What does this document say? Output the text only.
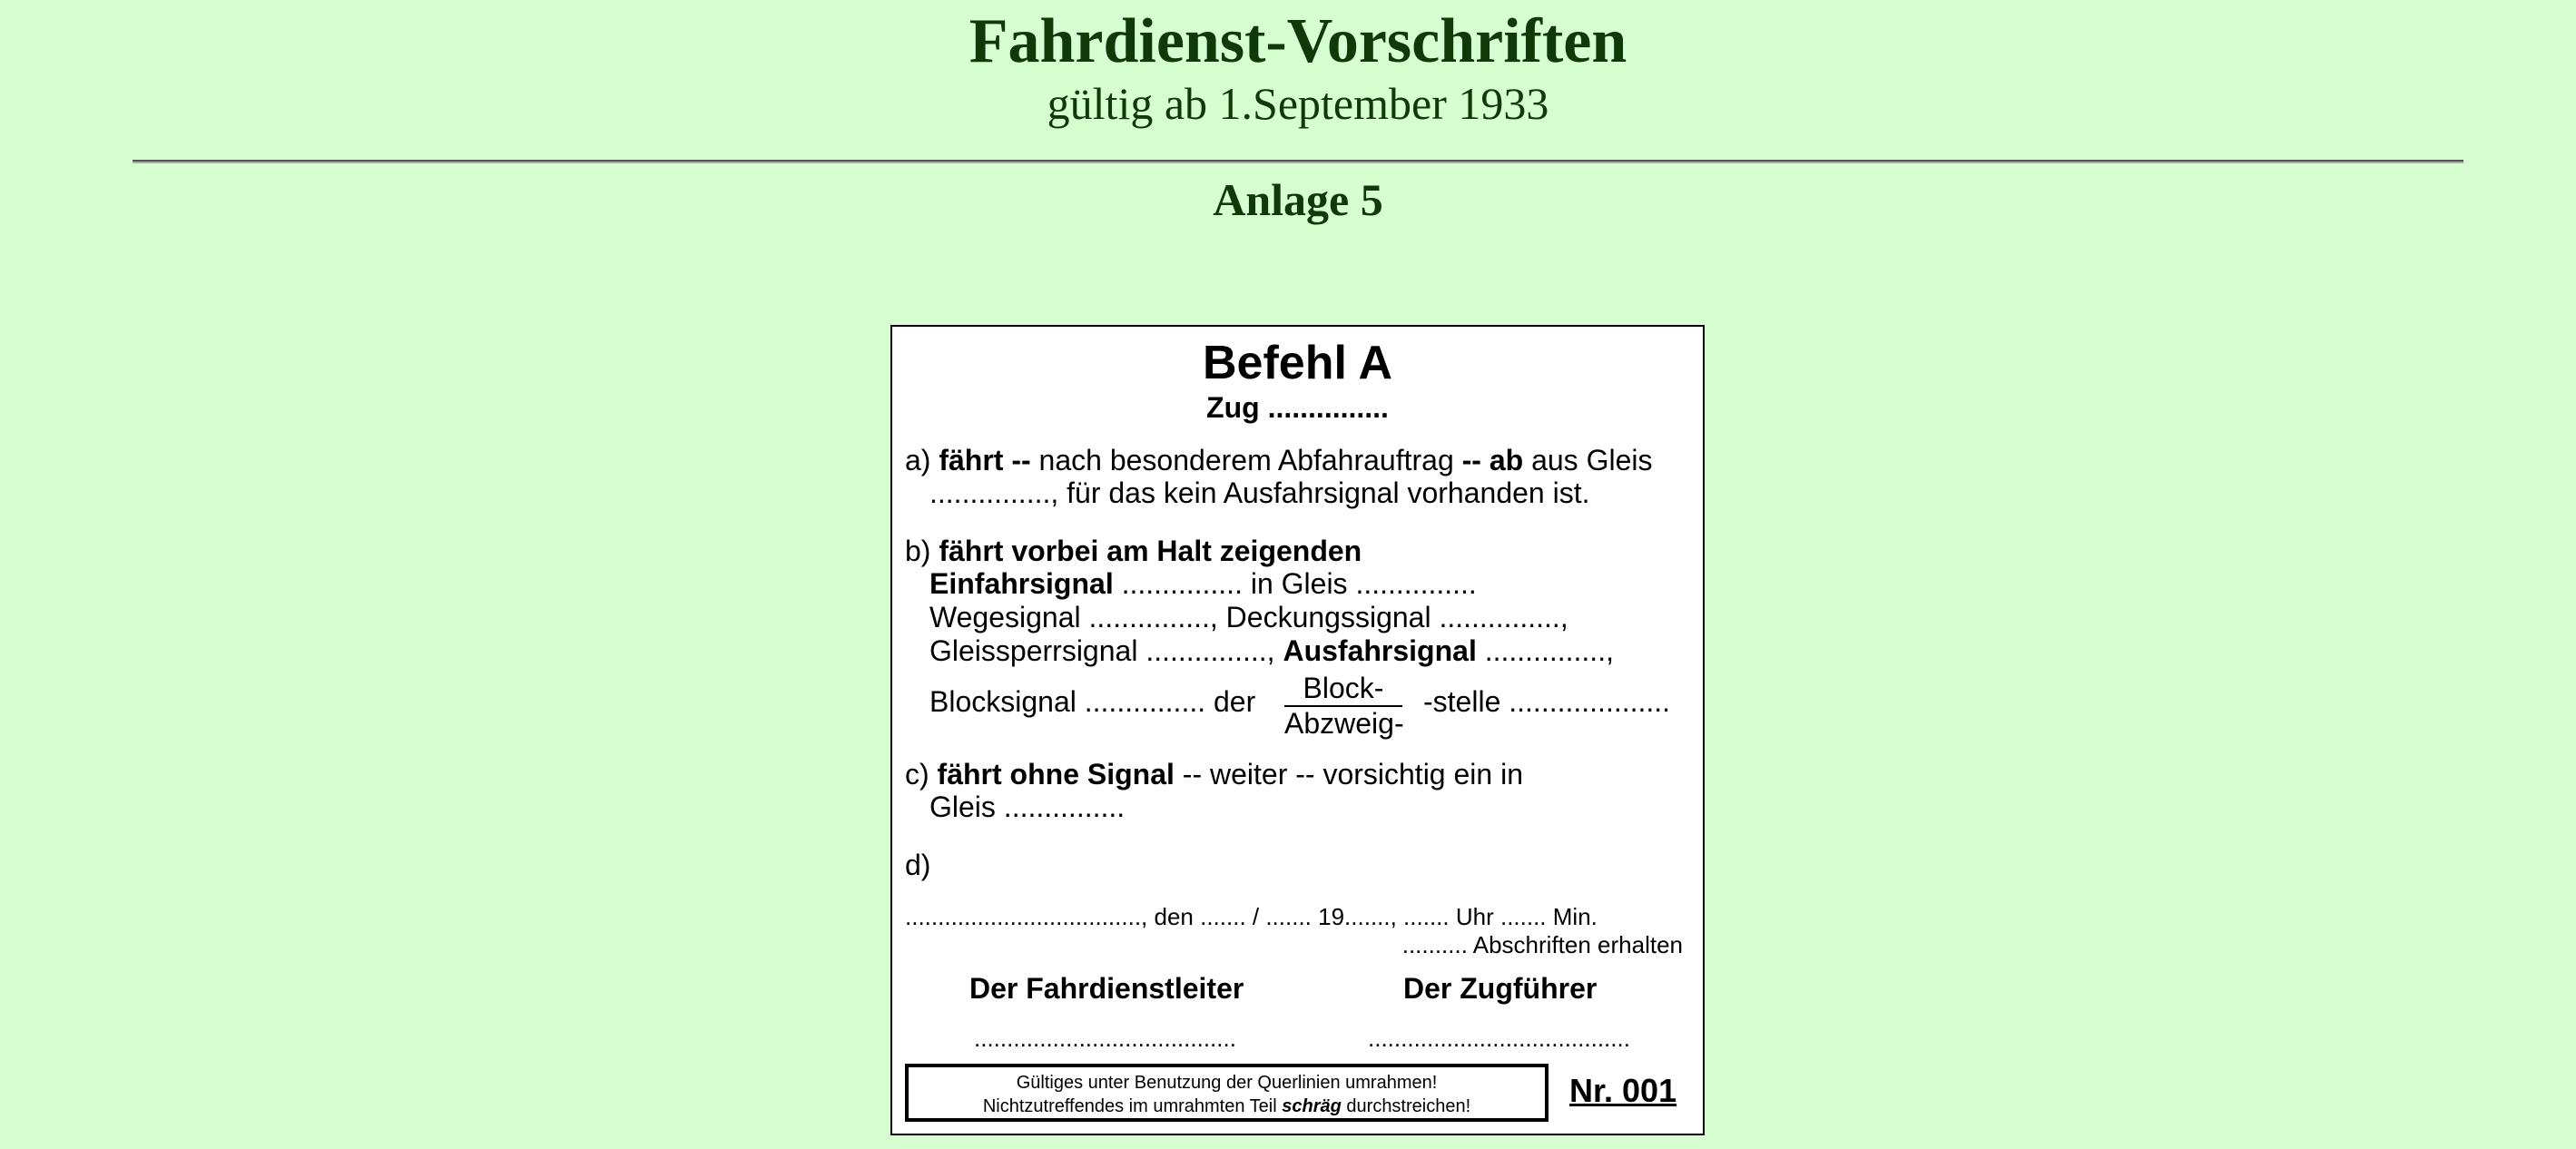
Fahrdienst-Vorschriften
gültig ab 1.September 1933
Anlage 5
Befehl A
Zug ...............
a) fährt -- nach besonderem Abfahrauftrag -- ab aus Gleis
..............., für das kein Ausfahrsignal vorhanden ist.
b) fährt vorbei am Halt zeigenden
Einfahrsignal ............... in Gleis ...............
Wegesignal ..............., Deckungssignal ...............,
Gleissperrsignal ..............., Ausfahrsignal ...............,
Blocksignal ............... der	Block-
Abzweig-
-stelle ....................
c) fährt ohne Signal -- weiter -- vorsichtig ein in
Gleis ...............
d)
...................................., den ....... / ....... 19......., ....... Uhr ....... Min.
.......... Abschriften erhalten
Der Fahrdienstleiter	Der Zugführer
........................................	........................................
Gültiges unter Benutzung der Querlinien umrahmen!
Nichtzutreffendes im umrahmten Teil schräg durchstreichen!	Nr. 001
